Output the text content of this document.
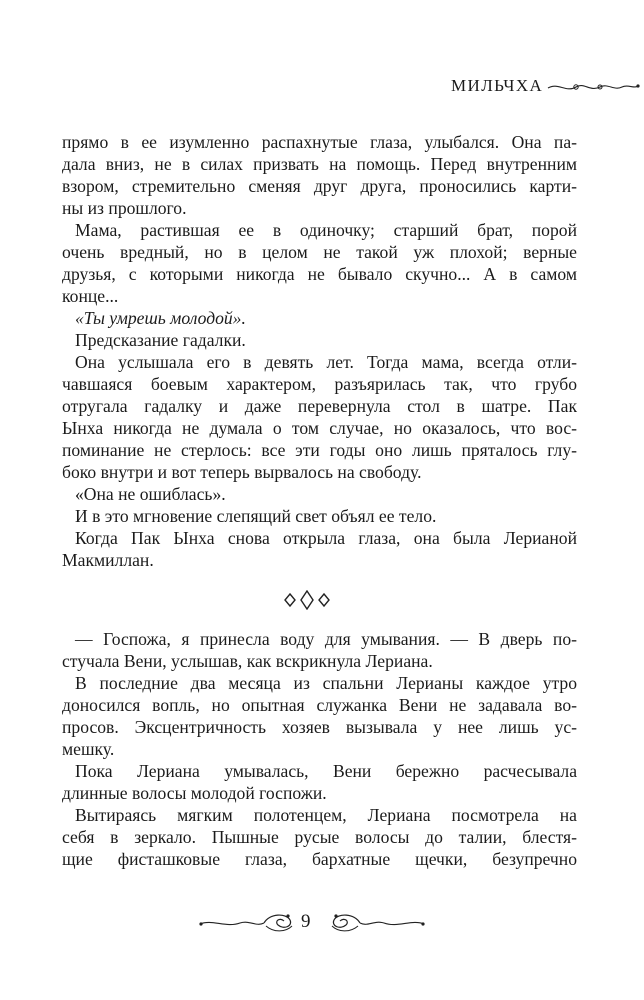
МИЛЬЧХА

прямо в ее изумленно распахнутые глаза, улыбался. Она па-

дала вниз, не в силах призвать на помощь. Перед внутренним

взором, стремительно сменяя друг друга, проносились карти-

ны из прошлого.

Мама, растившая ее в одиночку; старший брат, порой

очень вредный, но в целом не такой уж плохой; верные

друзья, с которыми никогда не бывало скучно... А в самом

конце...

«Ты умрешь молодой».

Предсказание гадалки.

Она услышала его в девять лет. Тогда мама, всегда отли-

чавшаяся боевым характером, разъярилась так, что грубо

отругала гадалку и даже перевернула стол в шатре. Пак

Ынха никогда не думала о том случае, но оказалось, что вос-

поминание не стерлось: все эти годы оно лишь пряталось глу-

боко внутри и вот теперь вырвалось на свободу.

«Она не ошиблась».

И в это мгновение слепящий свет объял ее тело.

Когда Пак Ынха снова открыла глаза, она была Лерианой

Макмиллан.

— Госпожа, я принесла воду для умывания. — В дверь по-

стучала Вени, услышав, как вскрикнула Лериана.

В последние два месяца из спальни Лерианы каждое утро

доносился вопль, но опытная служанка Вени не задавала во-

просов. Эксцентричность хозяев вызывала у нее лишь ус-

мешку.

Пока Лериана умывалась, Вени бережно расчесывала

длинные волосы молодой госпожи.

Вытираясь мягким полотенцем, Лериана посмотрела на

себя в зеркало. Пышные русые волосы до талии, блестя-

щие фисташковые глаза, бархатные щечки, безупречно

9
